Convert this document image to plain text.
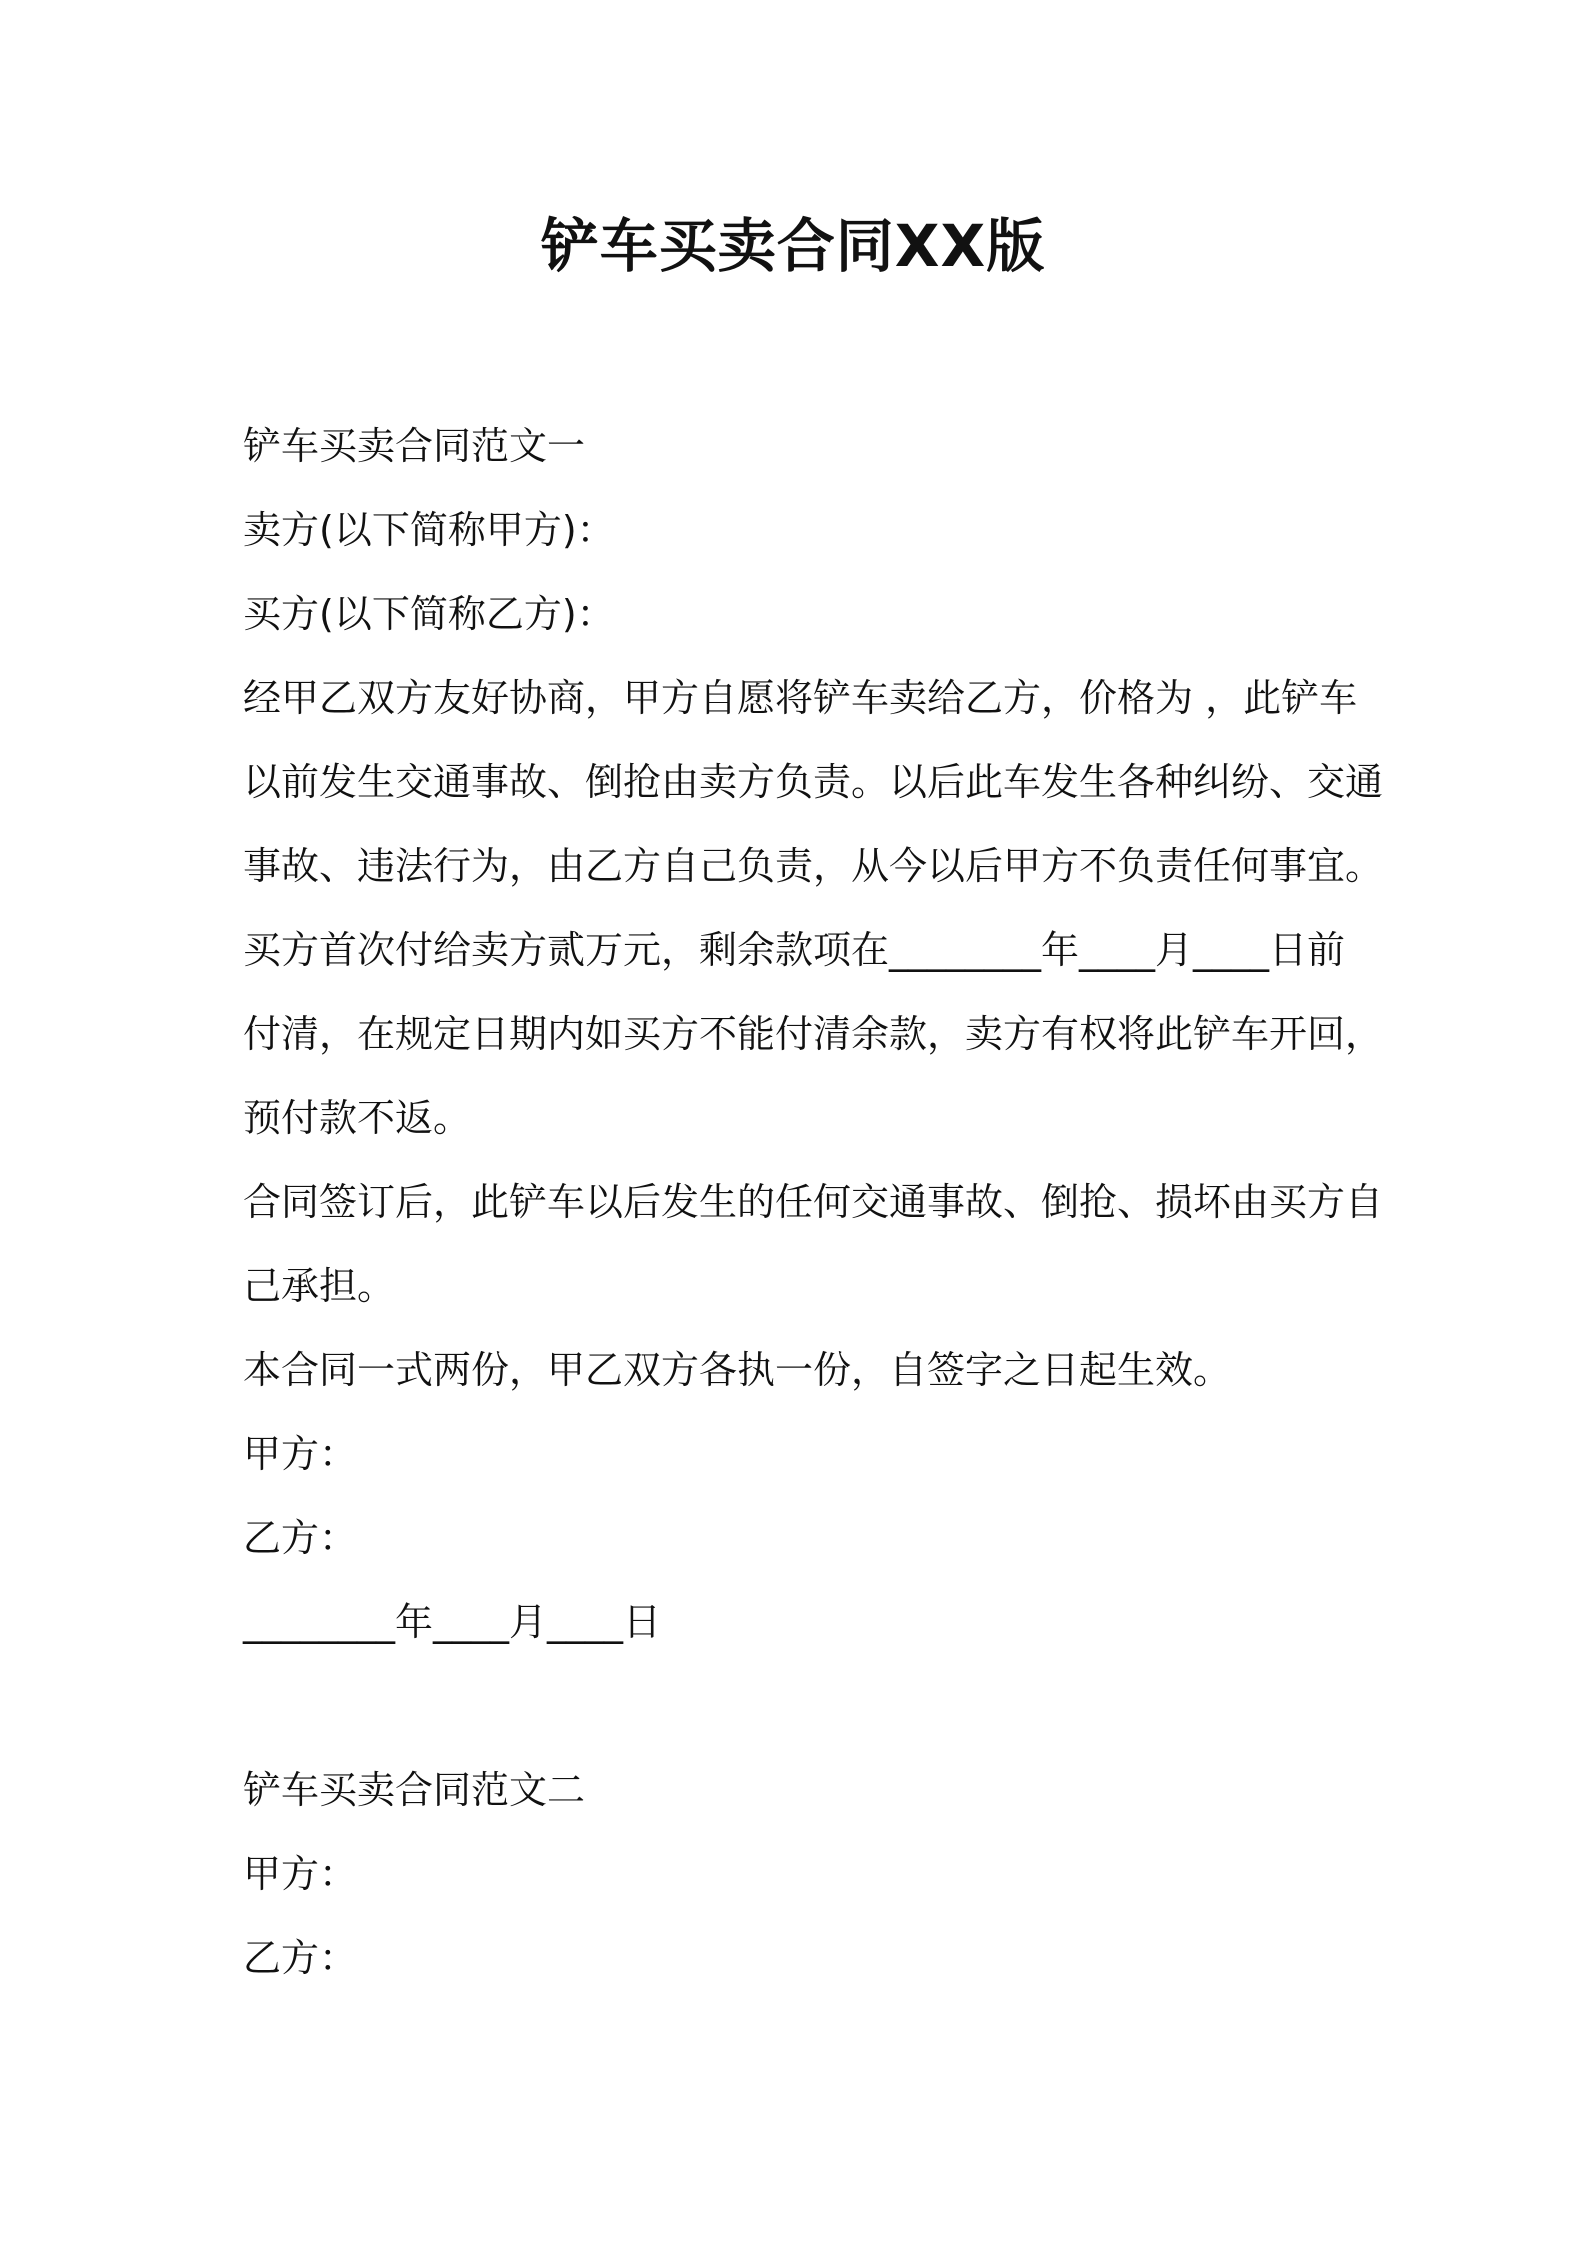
铲车买卖合同XX版

铲车买卖合同范文一

卖方(以下简称甲方)：

买方(以下简称乙方)：

经甲乙双方友好协商，甲方自愿将铲车卖给乙方，价格为 ，此铲车

以前发生交通事故、倒抢由卖方负责。以后此车发生各种纠纷、交通

事故、违法行为，由乙方自己负责，从今以后甲方不负责任何事宜。

买方首次付给卖方贰万元，剩余款项在________年____月____日前

付清，在规定日期内如买方不能付清余款，卖方有权将此铲车开回，

预付款不返。

合同签订后，此铲车以后发生的任何交通事故、倒抢、损坏由买方自

己承担。

本合同一式两份，甲乙双方各执一份，自签字之日起生效。

甲方：

乙方：

________年____月____日

铲车买卖合同范文二

甲方：

乙方：
